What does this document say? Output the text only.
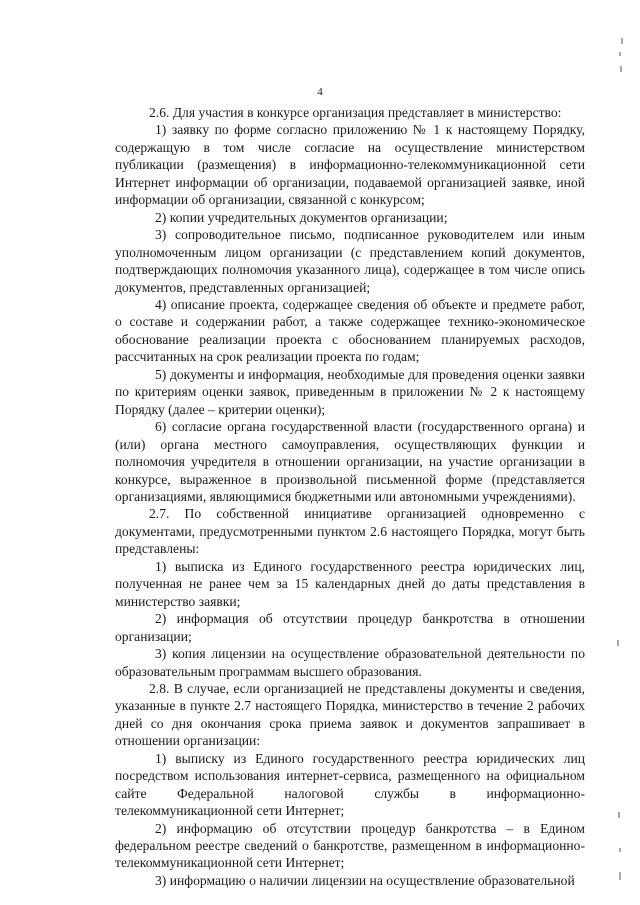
4

2.6. Для участия в конкурсе организация представляет в министерство:

1) заявку по форме согласно приложению № 1 к настоящему Порядку, содержащую в том числе согласие на осуществление министерством публикации (размещения) в информационно-телекоммуникационной сети Интернет информации об организации, подаваемой организацией заявке, иной информации об организации, связанной с конкурсом;

2) копии учредительных документов организации;

3) сопроводительное письмо, подписанное руководителем или иным уполномоченным лицом организации (с представлением копий документов, подтверждающих полномочия указанного лица), содержащее в том числе опись документов, представленных организацией;

4) описание проекта, содержащее сведения об объекте и предмете работ, о составе и содержании работ, а также содержащее технико-экономическое обоснование реализации проекта с обоснованием планируемых расходов, рассчитанных на срок реализации проекта по годам;

5) документы и информация, необходимые для проведения оценки заявки по критериям оценки заявок, приведенным в приложении № 2 к настоящему Порядку (далее – критерии оценки);

6) согласие органа государственной власти (государственного органа) и (или) органа местного самоуправления, осуществляющих функции и полномочия учредителя в отношении организации, на участие организации в конкурсе, выраженное в произвольной письменной форме (представляется организациями, являющимися бюджетными или автономными учреждениями).

2.7. По собственной инициативе организацией одновременно с документами, предусмотренными пунктом 2.6 настоящего Порядка, могут быть представлены:

1) выписка из Единого государственного реестра юридических лиц, полученная не ранее чем за 15 календарных дней до даты представления в министерство заявки;

2) информация об отсутствии процедур банкротства в отношении организации;

3) копия лицензии на осуществление образовательной деятельности по образовательным программам высшего образования.

2.8. В случае, если организацией не представлены документы и сведения, указанные в пункте 2.7 настоящего Порядка, министерство в течение 2 рабочих дней со дня окончания срока приема заявок и документов запрашивает в отношении организации:

1) выписку из Единого государственного реестра юридических лиц посредством использования интернет-сервиса, размещенного на официальном сайте Федеральной налоговой службы в информационно-телекоммуникационной сети Интернет;

2) информацию об отсутствии процедур банкротства – в Едином федеральном реестре сведений о банкротстве, размещенном в информационно-телекоммуникационной сети Интернет;

3) информацию о наличии лицензии на осуществление образовательной
